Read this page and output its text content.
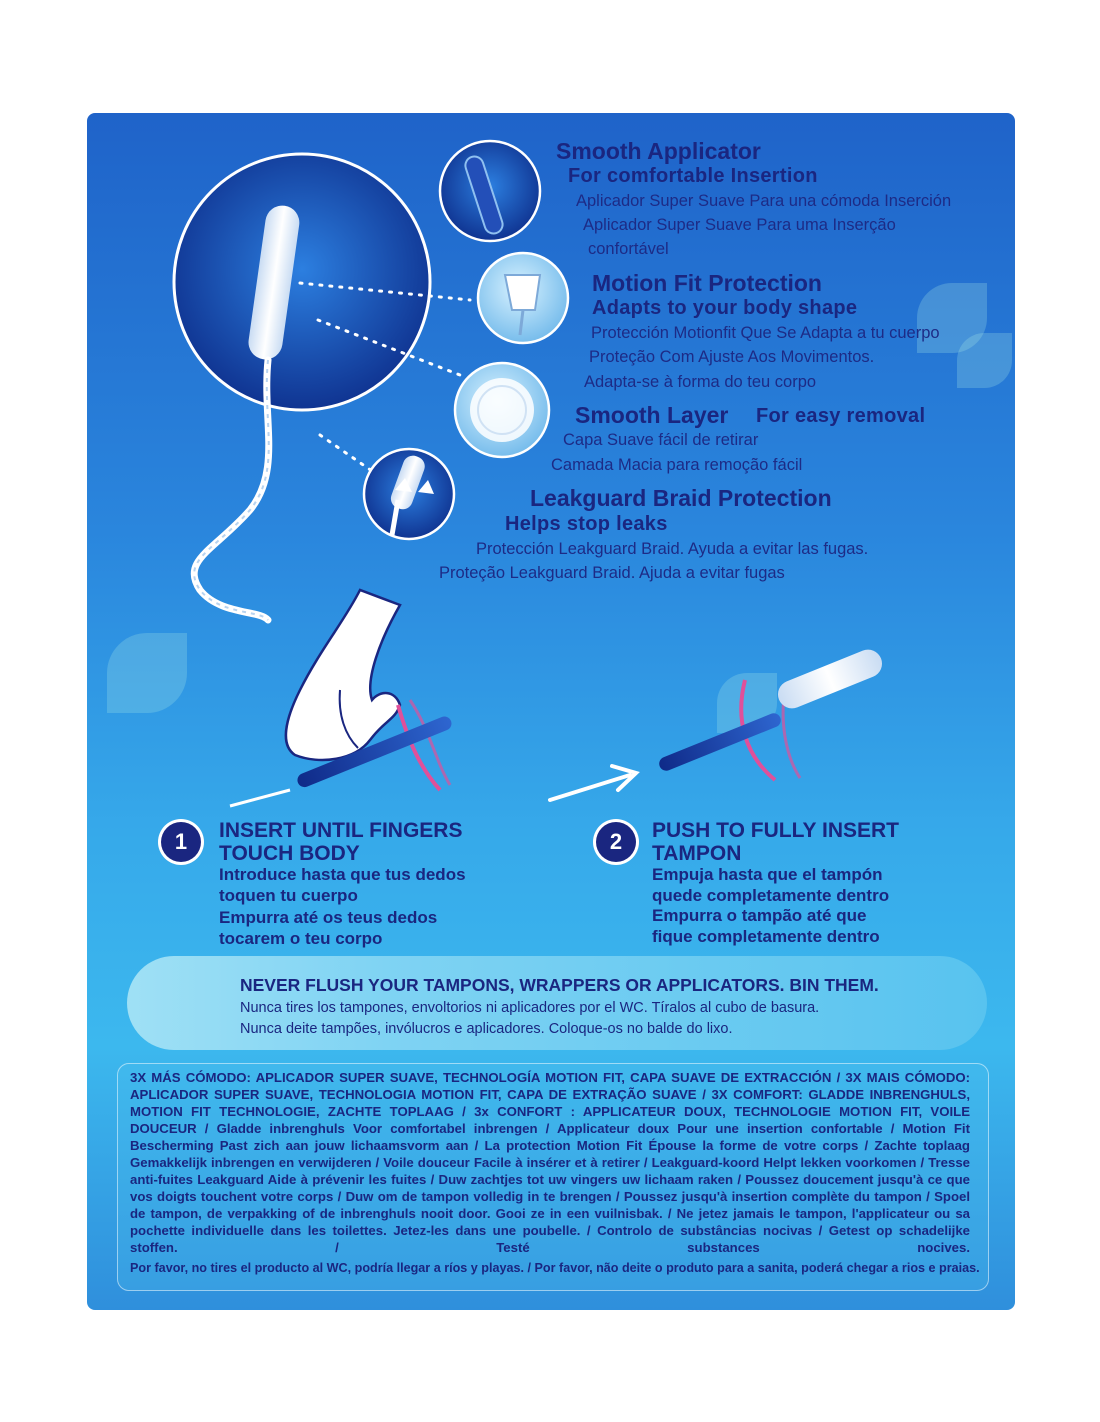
Smooth Applicator
For comfortable Insertion
Aplicador Super Suave Para una cómoda Inserción
Aplicador Super Suave Para uma Inserção
confortável
Motion Fit Protection
Adapts to your body shape
Protección Motionfit Que Se Adapta a tu cuerpo
Proteção Com Ajuste Aos Movimentos.
Adapta-se à forma do teu corpo
Smooth Layer For easy removal
Capa Suave fácil de retirar
Camada Macia para remoção fácil
Leakguard Braid Protection
Helps stop leaks
Protección Leakguard Braid. Ayuda a evitar las fugas.
Proteção Leakguard Braid. Ajuda a evitar fugas
1	INSERT UNTIL FINGERS
TOUCH BODY
Introduce hasta que tus dedos
toquen tu cuerpo
Empurra até os teus dedos
tocarem o teu corpo
2	PUSH TO FULLY INSERT
TAMPON
Empuja hasta que el tampón
quede completamente dentro
Empurra o tampão até que
fique completamente dentro
NEVER FLUSH YOUR TAMPONS, WRAPPERS OR APPLICATORS. BIN THEM.
Nunca tires los tampones, envoltorios ni aplicadores por el WC. Tíralos al cubo de basura.
Nunca deite tampões, invólucros e aplicadores. Coloque-os no balde do lixo.
3X MÁS CÓMODO: APLICADOR SUPER SUAVE, TECHNOLOGÍA MOTION FIT, CAPA SUAVE DE EXTRACCIÓN / 3X MAIS CÓMODO: APLICADOR SUPER SUAVE, TECHNOLOGIA MOTION FIT, CAPA DE EXTRAÇÃO SUAVE / 3X COMFORT: GLADDE INBRENGHULS, MOTION FIT TECHNOLOGIE, ZACHTE TOPLAAG / 3x CONFORT : APPLICATEUR DOUX, TECHNOLOGIE MOTION FIT, VOILE DOUCEUR / Gladde inbrenghuls Voor comfortabel inbrengen / Applicateur doux Pour une insertion confortable / Motion Fit Bescherming Past zich aan jouw lichaamsvorm aan / La protection Motion Fit Épouse la forme de votre corps / Zachte toplaag Gemakkelijk inbrengen en verwijderen / Voile douceur Facile à insérer et à retirer / Leakguard-koord Helpt lekken voorkomen / Tresse anti-fuites Leakguard Aide à prévenir les fuites / Duw zachtjes tot uw vingers uw lichaam raken / Poussez doucement jusqu'à ce que vos doigts touchent votre corps / Duw om de tampon volledig in te brengen / Poussez jusqu'à insertion complète du tampon / Spoel de tampon, de verpakking of de inbrenghuls nooit door. Gooi ze in een vuilnisbak. / Ne jetez jamais le tampon, l'applicateur ou sa pochette individuelle dans les toilettes. Jetez-les dans une poubelle. / Controlo de substâncias nocivas / Getest op schadelijke stoffen. / Testé substances nocives.
Por favor, no tires el producto al WC, podría llegar a ríos y playas. / Por favor, não deite o produto para a sanita, poderá chegar a rios e praias.
